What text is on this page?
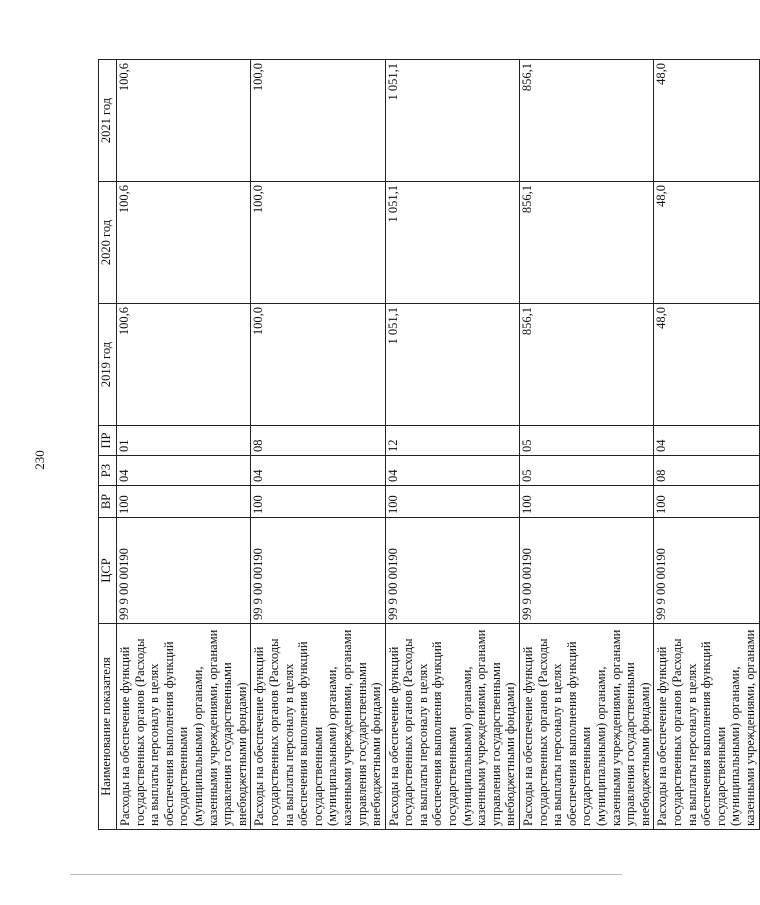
230
Наименование показателя	ЦСР	ВР	РЗ	ПР	2019 год	2020 год	2021 год
Расходы на обеспечение функций государственных органов (Расходы на выплаты персоналу в целях обеспечения выполнения функций государственными (муниципальными) органами, казенными учреждениями, органами управления государственными внебюджетными фондами)	99 9 00 00190	100	04	01	100,6	100,6	100,6
Расходы на обеспечение функций государственных органов (Расходы на выплаты персоналу в целях обеспечения выполнения функций государственными (муниципальными) органами, казенными учреждениями, органами управления государственными внебюджетными фондами)	99 9 00 00190	100	04	08	100,0	100,0	100,0
Расходы на обеспечение функций государственных органов (Расходы на выплаты персоналу в целях обеспечения выполнения функций государственными (муниципальными) органами, казенными учреждениями, органами управления государственными внебюджетными фондами)	99 9 00 00190	100	04	12	1 051,1	1 051,1	1 051,1
Расходы на обеспечение функций государственных органов (Расходы на выплаты персоналу в целях обеспечения выполнения функций государственными (муниципальными) органами, казенными учреждениями, органами управления государственными внебюджетными фондами)	99 9 00 00190	100	05	05	856,1	856,1	856,1
Расходы на обеспечение функций государственных органов (Расходы на выплаты персоналу в целях обеспечения выполнения функций государственными (муниципальными) органами, казенными учреждениями, органами	99 9 00 00190	100	08	04	48,0	48,0	48,0
